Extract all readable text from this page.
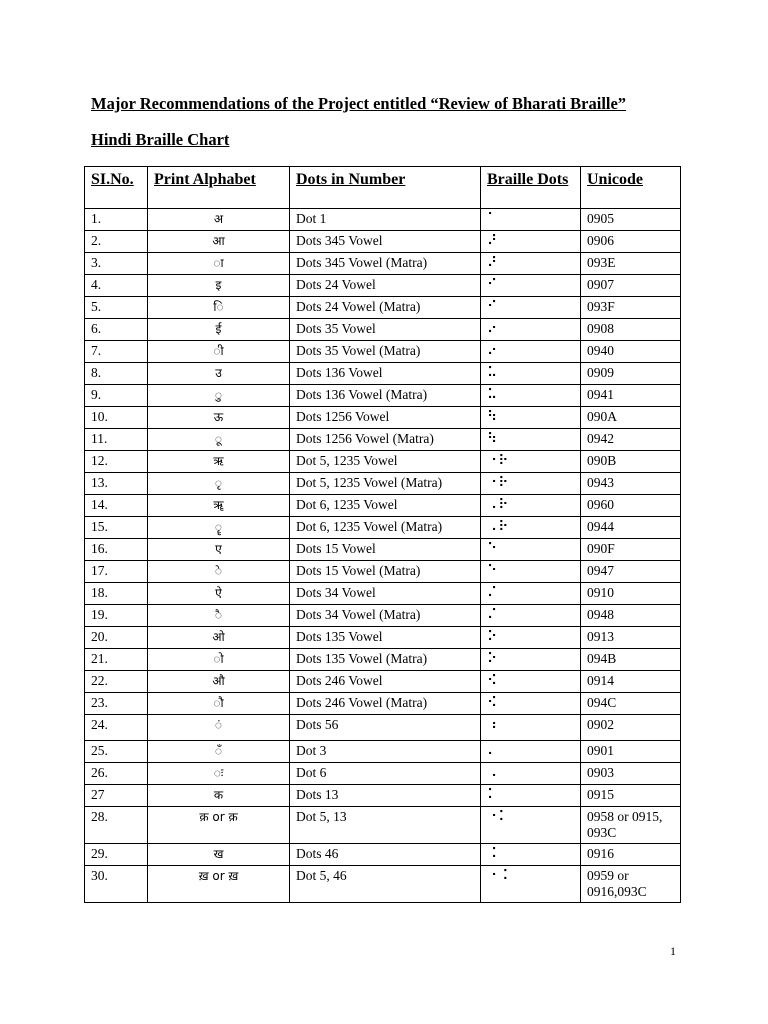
Major Recommendations of the Project entitled “Review of Bharati Braille”
Hindi Braille Chart
SI.No.	Print Alphabet	Dots in Number	Braille Dots	Unicode
1.	अ	Dot 1	⠁	0905
2.	आ	Dots 345 Vowel	⠜	0906
3.	ा	Dots 345 Vowel (Matra)	⠜	093E
4.	इ	Dots 24 Vowel	⠊	0907
5.	ि	Dots 24 Vowel (Matra)	⠊	093F
6.	ई	Dots 35 Vowel	⠔	0908
7.	ी	Dots 35 Vowel (Matra)	⠔	0940
8.	उ	Dots 136 Vowel	⠥	0909
9.	ु	Dots 136 Vowel (Matra)	⠥	0941
10.	ऊ	Dots 1256 Vowel	⠳	090A
11.	ू	Dots 1256 Vowel (Matra)	⠳	0942
12.	ऋ	Dot 5, 1235 Vowel	⠐⠗	090B
13.	ृ	Dot 5, 1235 Vowel (Matra)	⠐⠗	0943
14.	ॠ	Dot 6, 1235 Vowel	⠠⠗	0960
15.	ॄ	Dot 6, 1235 Vowel (Matra)	⠠⠗	0944
16.	ए	Dots 15 Vowel	⠑	090F
17.	े	Dots 15 Vowel (Matra)	⠑	0947
18.	ऐ	Dots 34 Vowel	⠌	0910
19.	ै	Dots 34 Vowel (Matra)	⠌	0948
20.	ओ	Dots 135 Vowel	⠕	0913
21.	ो	Dots 135 Vowel (Matra)	⠕	094B
22.	औ	Dots 246 Vowel	⠪	0914
23.	ौ	Dots 246 Vowel (Matra)	⠪	094C
24.	ं	Dots 56	⠰	0902
25.	ँ	Dot 3	⠄	0901
26.	ः	Dot 6	⠠	0903
27	क	Dots 13	⠅	0915
28.	क़ or क़	Dot 5, 13	⠐⠅	0958 or 0915, 093C
29.	ख	Dots 46	⠨	0916
30.	ख़ or ख़	Dot 5, 46	⠐⠨	0959 or 0916,093C
1
